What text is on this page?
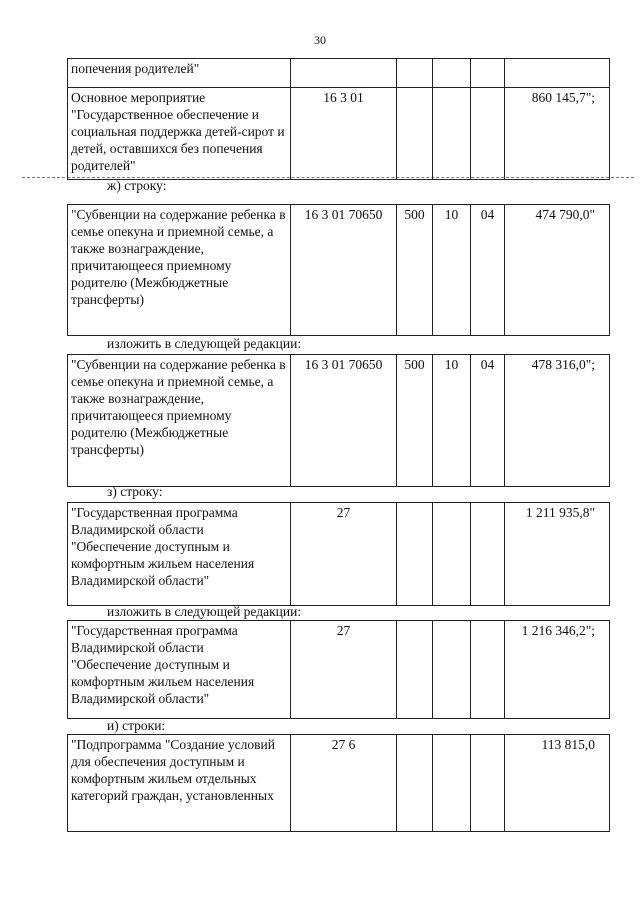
30
попечения родителей"					
Основное мероприятие "Государственное обеспечение и социальная поддержка детей-сирот и детей, оставшихся без попечения родителей"	16 3 01				860 145,7";
ж) строку:
"Субвенции на содержание ребенка в семье опекуна и приемной семье, а также вознаграждение, причитающееся приемному родителю (Межбюджетные трансферты)	16 3 01 70650	500	10	04	474 790,0"
изложить в следующей редакции:
"Субвенции на содержание ребенка в семье опекуна и приемной семье, а также вознаграждение, причитающееся приемному родителю (Межбюджетные трансферты)	16 3 01 70650	500	10	04	478 316,0";
з) строку:
"Государственная программа Владимирской области "Обеспечение доступным и комфортным жильем населения Владимирской области"	27				1 211 935,8"
изложить в следующей редакции:
"Государственная программа Владимирской области "Обеспечение доступным и комфортным жильем населения Владимирской области"	27				1 216 346,2";
и) строки:
"Подпрограмма "Создание условий для обеспечения доступным и комфортным жильем отдельных категорий граждан, установленных	27 6				113 815,0
